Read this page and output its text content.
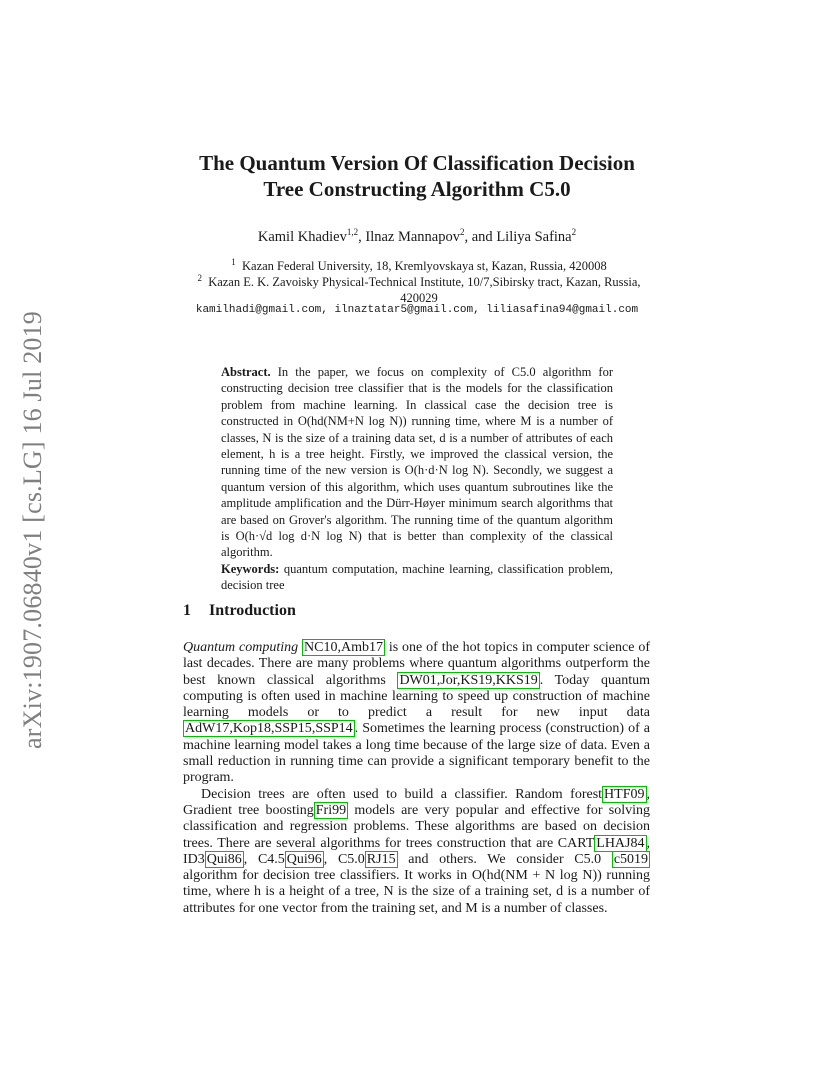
arXiv:1907.06840v1 [cs.LG] 16 Jul 2019
The Quantum Version Of Classification Decision
Tree Constructing Algorithm C5.0
Kamil Khadiev$^{1,2}$, Ilnaz Mannapov$^2$, and Liliya Safina$^2$
$^1$ Kazan Federal University, 18, Kremlyovskaya st, Kazan, Russia, 420008
$^2$ Kazan E. K. Zavoisky Physical-Technical Institute, 10/7,Sibirsky tract, Kazan, Russia, 420029
kamilhadi@gmail.com, ilnaztatar5@gmail.com, liliasafina94@gmail.com

Abstract. In the paper, we focus on complexity of C5.0 algorithm for constructing decision tree classifier that is the models for the classification problem from machine learning. In classical case the decision tree is constructed in O(hd(NM+N log N)) running time, where M is a number of classes, N is the size of a training data set, d is a number of attributes of each element, h is a tree height. Firstly, we improved the classical version, the running time of the new version is O(h·d·N log N). Secondly, we suggest a quantum version of this algorithm, which uses quantum subroutines like the amplitude amplification and the Dürr-Høyer minimum search algorithms that are based on Grover's algorithm. The running time of the quantum algorithm is O(h·√d log d·N log N) that is better than complexity of the classical algorithm.

Keywords: quantum computation, machine learning, classification problem, decision tree

1 Introduction

Quantum computing NC10,Amb17 is one of the hot topics in computer science of last decades. There are many problems where quantum algorithms outperform the best known classical algorithms DW01,Jor,KS19,KKS19 . Today quantum computing is often used in machine learning to speed up construction of machine learning models or to predict a result for new input data AdW17,Kop18,SSP15,SSP14 . Sometimes the learning process (construction) of a machine learning model takes a long time because of the large size of data. Even a small reduction in running time can provide a significant temporary benefit to the program.

Decision trees are often used to build a classifier. Random forest HTF09 , Gradient tree boosting Fri99 models are very popular and effective for solving classification and regression problems. These algorithms are based on decision trees. There are several algorithms for trees construction that are CART LHAJ84 , ID3 Qui86 , C4.5 Qui96 , C5.0 RJ15 and others. We consider C5.0 c5019 algorithm for decision tree classifiers. It works in O(hd(NM + N log N)) running time, where h is a height of a tree, N is the size of a training set, d is a number of attributes for one vector from the training set, and M is a number of classes.
